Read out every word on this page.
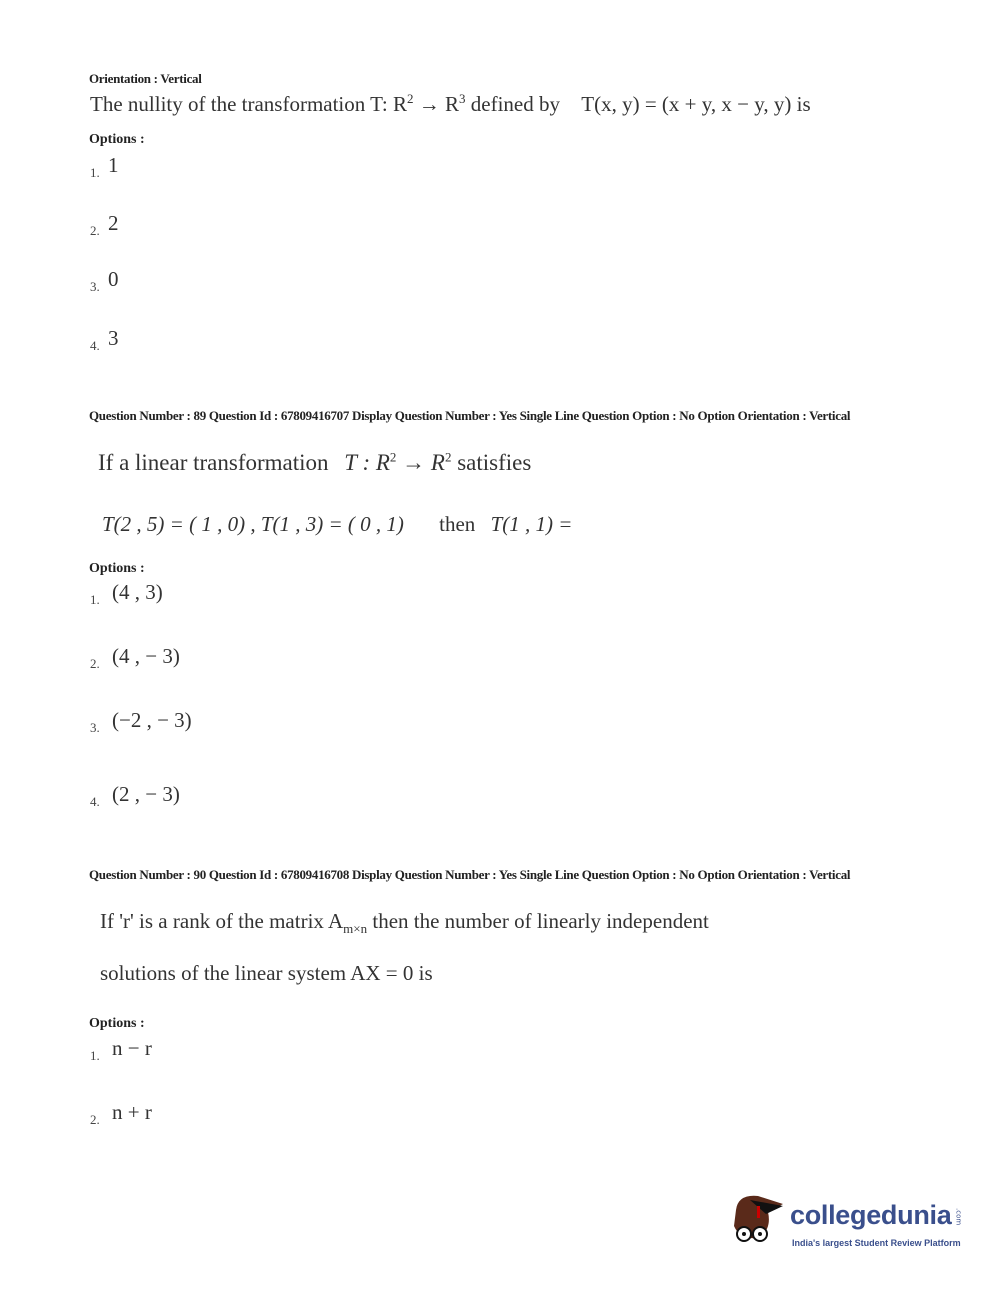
Orientation : Vertical
The nullity of the transformation T: $R^2 \to R^3$ defined by T(x, y) = (x + y, x − y, y) is
Options :
1. 1
2. 2
3. 0
4. 3
Question Number : 89 Question Id : 67809416707 Display Question Number : Yes Single Line Question Option : No Option Orientation : Vertical
If a linear transformation T : $R^2 \to R^2$ satisfies
T(2 , 5) = ( 1 , 0) , T(1 , 3) = ( 0 , 1) then T(1 , 1) =
Options :
1. (4 , 3)
2. (4 , − 3)
3. (−2 , − 3)
4. (2 , − 3)
Question Number : 90 Question Id : 67809416708 Display Question Number : Yes Single Line Question Option : No Option Orientation : Vertical
If 'r' is a rank of the matrix $A_{m\times n}$ then the number of linearly independent
solutions of the linear system AX = 0 is
Options :
1. n − r
2. n + r
collegedunia .com
India's largest Student Review Platform
